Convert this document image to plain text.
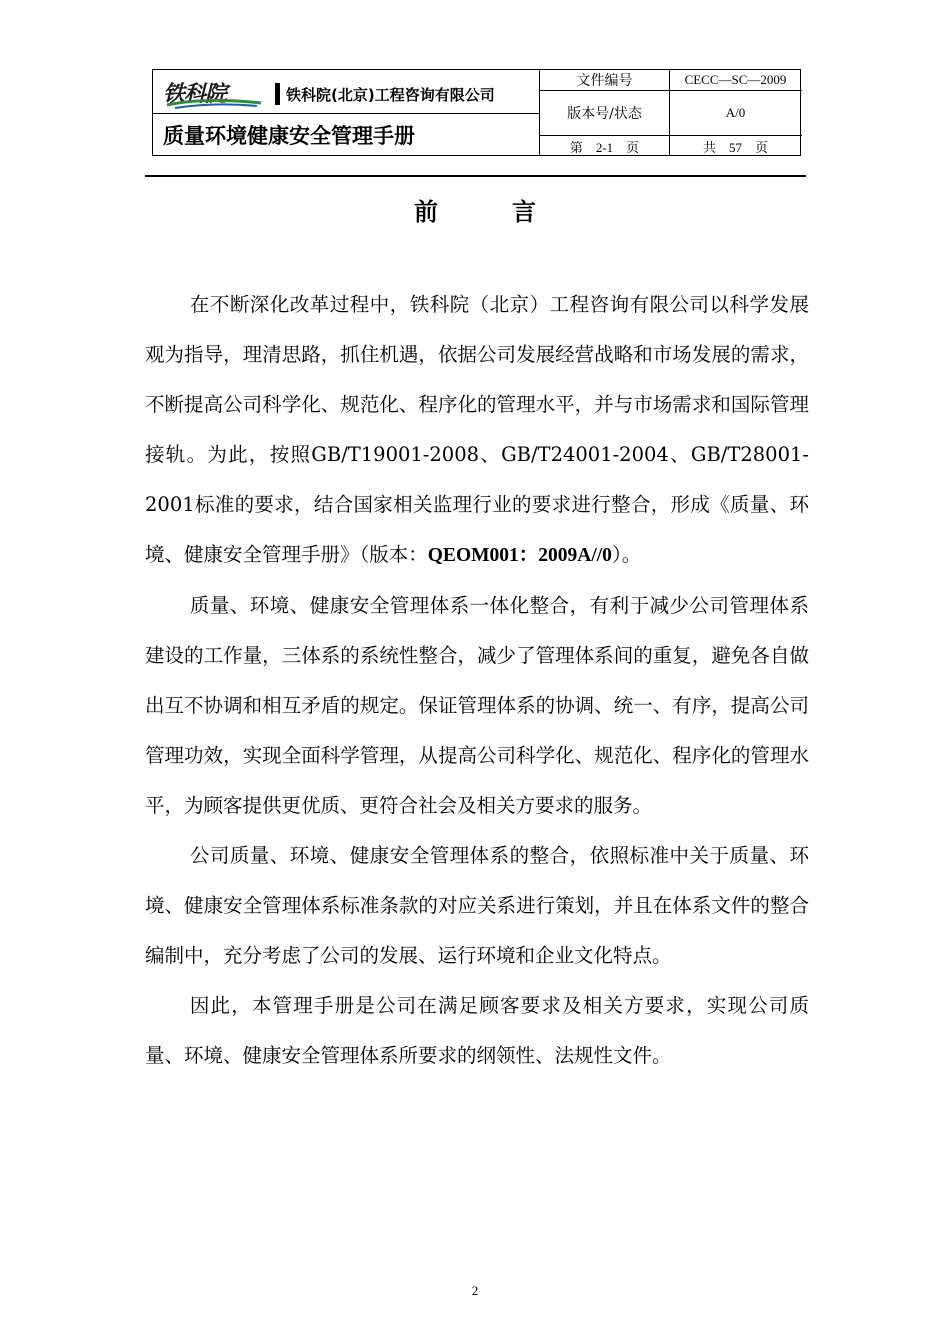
铁科院	铁科院(北京)工程咨询有限公司
质量环境健康安全管理手册
文件编号	CECC—SC—2009
版本号/状态	A/0
第　2-1　页	共　57　页
前	言

在不断深化改革过程中，铁科院（北京）工程咨询有限公司以科学发展观为指导，理清思路，抓住机遇，依据公司发展经营战略和市场发展的需求，不断提高公司科学化、规范化、程序化的管理水平，并与市场需求和国际管理接轨。为此，按照GB/T19001-2008、GB/T24001-2004、GB/T28001-2001标准的要求，结合国家相关监理行业的要求进行整合，形成《质量、环境、健康安全管理手册》（版本：QEOM001：2009A//0）。

质量、环境、健康安全管理体系一体化整合，有利于减少公司管理体系建设的工作量，三体系的系统性整合，减少了管理体系间的重复，避免各自做出互不协调和相互矛盾的规定。保证管理体系的协调、统一、有序，提高公司管理功效，实现全面科学管理，从提高公司科学化、规范化、程序化的管理水平，为顾客提供更优质、更符合社会及相关方要求的服务。

公司质量、环境、健康安全管理体系的整合，依照标准中关于质量、环境、健康安全管理体系标准条款的对应关系进行策划，并且在体系文件的整合编制中，充分考虑了公司的发展、运行环境和企业文化特点。

因此，本管理手册是公司在满足顾客要求及相关方要求，实现公司质量、环境、健康安全管理体系所要求的纲领性、法规性文件。

2
